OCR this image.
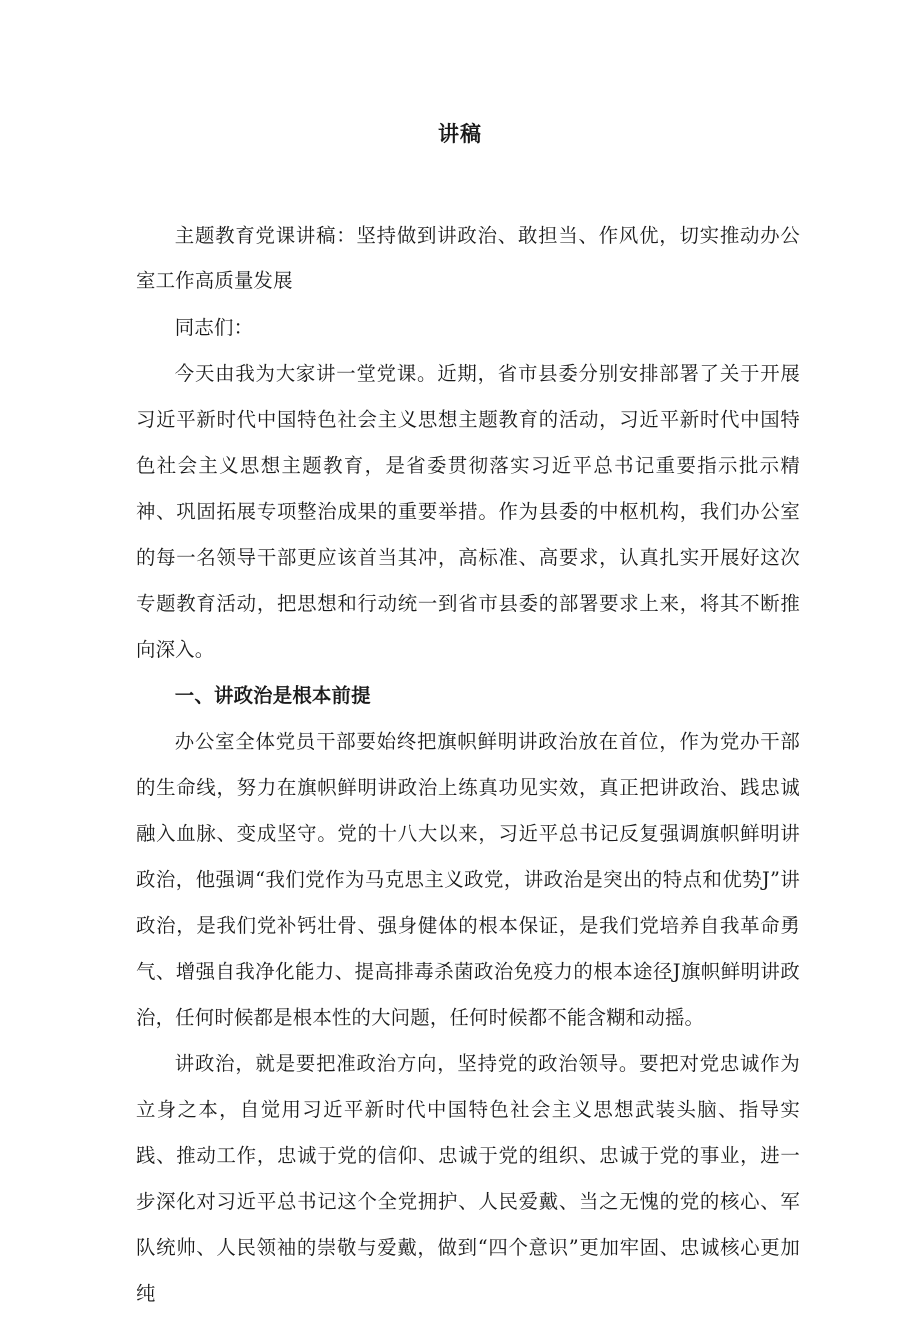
讲稿

主题教育党课讲稿：坚持做到讲政治、敢担当、作风优，切实推动办公室工作高质量发展

同志们：

今天由我为大家讲一堂党课。近期，省市县委分别安排部署了关于开展习近平新时代中国特色社会主义思想主题教育的活动，习近平新时代中国特色社会主义思想主题教育，是省委贯彻落实习近平总书记重要指示批示精神、巩固拓展专项整治成果的重要举措。作为县委的中枢机构，我们办公室的每一名领导干部更应该首当其冲，高标准、高要求，认真扎实开展好这次专题教育活动，把思想和行动统一到省市县委的部署要求上来，将其不断推向深入。

一、讲政治是根本前提

办公室全体党员干部要始终把旗帜鲜明讲政治放在首位，作为党办干部的生命线，努力在旗帜鲜明讲政治上练真功见实效，真正把讲政治、践忠诚融入血脉、变成坚守。党的十八大以来，习近平总书记反复强调旗帜鲜明讲政治，他强调“我们党作为马克思主义政党，讲政治是突出的特点和优势J”讲政治，是我们党补钙壮骨、强身健体的根本保证，是我们党培养自我革命勇气、增强自我净化能力、提高排毒杀菌政治免疫力的根本途径J旗帜鲜明讲政治，任何时候都是根本性的大问题，任何时候都不能含糊和动摇。

讲政治，就是要把准政治方向，坚持党的政治领导。要把对党忠诚作为立身之本，自觉用习近平新时代中国特色社会主义思想武装头脑、指导实践、推动工作，忠诚于党的信仰、忠诚于党的组织、忠诚于党的事业，进一步深化对习近平总书记这个全党拥护、人民爱戴、当之无愧的党的核心、军队统帅、人民领袖的崇敬与爱戴，做到“四个意识”更加牢固、忠诚核心更加纯
